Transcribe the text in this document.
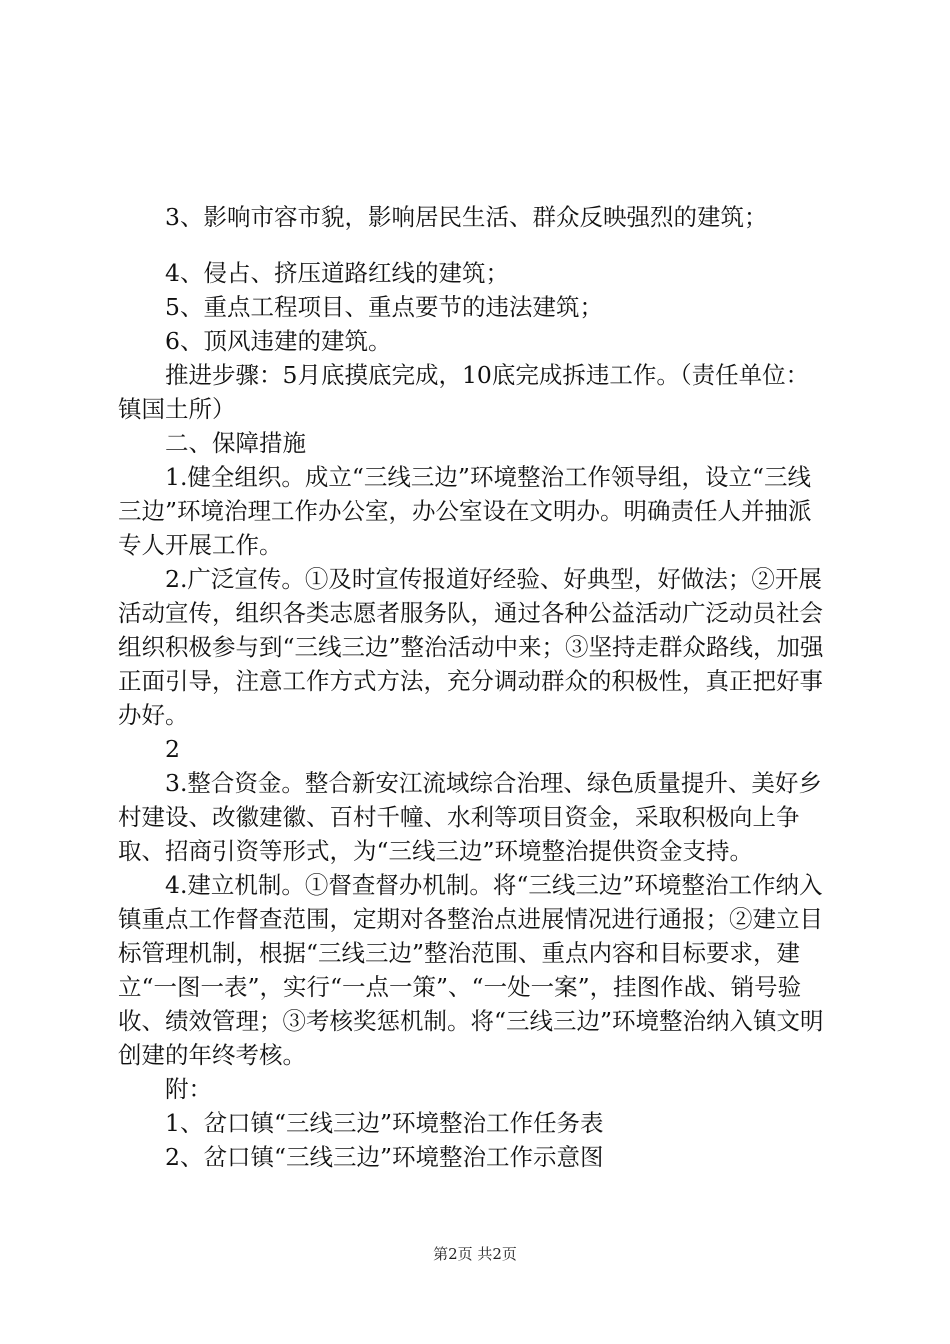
3、影响市容市貌，影响居民生活、群众反映强烈的建筑；

4、侵占、挤压道路红线的建筑；

5、重点工程项目、重点要节的违法建筑；

6、顶风违建的建筑。

推进步骤：5月底摸底完成，10底完成拆违工作。（责任单位：镇国土所）

二、保障措施

1.健全组织。成立“三线三边”环境整治工作领导组，设立“三线三边”环境治理工作办公室，办公室设在文明办。明确责任人并抽派专人开展工作。

2.广泛宣传。①及时宣传报道好经验、好典型，好做法；②开展活动宣传，组织各类志愿者服务队，通过各种公益活动广泛动员社会组织积极参与到“三线三边”整治活动中来；③坚持走群众路线，加强正面引导，注意工作方式方法，充分调动群众的积极性，真正把好事办好。

2

3.整合资金。整合新安江流域综合治理、绿色质量提升、美好乡村建设、改徽建徽、百村千幢、水利等项目资金，采取积极向上争取、招商引资等形式，为“三线三边”环境整治提供资金支持。

4.建立机制。①督查督办机制。将“三线三边”环境整治工作纳入镇重点工作督查范围，定期对各整治点进展情况进行通报；②建立目标管理机制，根据“三线三边”整治范围、重点内容和目标要求，建立“一图一表”，实行“一点一策”、“一处一案”，挂图作战、销号验收、绩效管理；③考核奖惩机制。将“三线三边”环境整治纳入镇文明创建的年终考核。

附：

1、岔口镇“三线三边”环境整治工作任务表

2、岔口镇“三线三边”环境整治工作示意图

第2页 共2页
